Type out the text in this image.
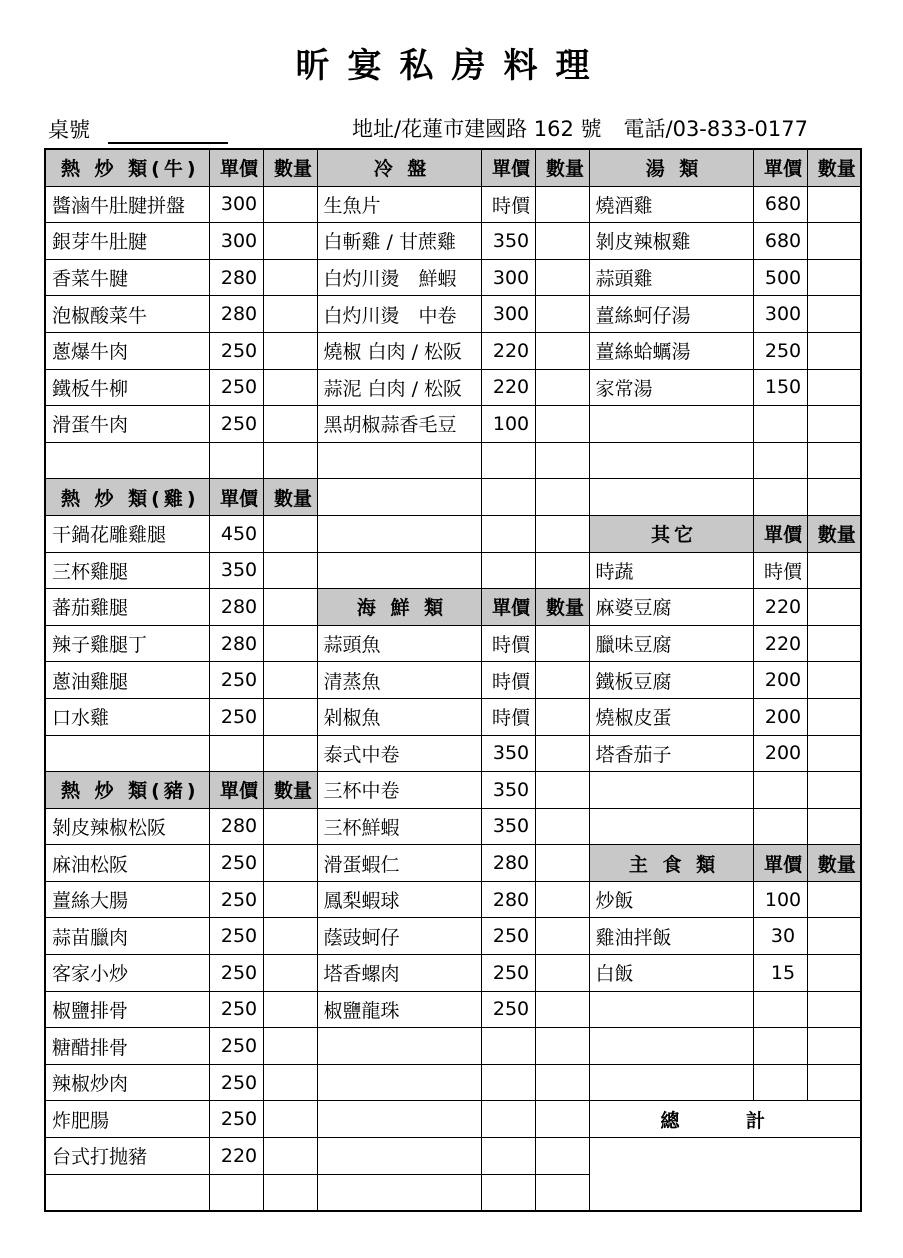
昕宴私房料理
桌號	地址/花蓮市建國路 162 號 電話/03-833-0177
熱 炒 類(牛)	單價	數量	冷 盤	單價	數量	湯 類	單價	數量
醬滷牛肚腱拼盤	300		生魚片	時價		燒酒雞	680	
銀芽牛肚腱	300		白斬雞 / 甘蔗雞	350		剝皮辣椒雞	680	
香菜牛腱	280		白灼川燙　鮮蝦	300		蒜頭雞	500	
泡椒酸菜牛	280		白灼川燙　中卷	300		薑絲蚵仔湯	300	
蔥爆牛肉	250		燒椒 白肉 / 松阪	220		薑絲蛤蠣湯	250	
鐵板牛柳	250		蒜泥 白肉 / 松阪	220		家常湯	150	
滑蛋牛肉	250		黑胡椒蒜香毛豆	100				

熱 炒 類(雞)	單價	數量						
干鍋花雕雞腿	450					其它	單價	數量
三杯雞腿	350					時蔬	時價	
蕃茄雞腿	280		海 鮮 類	單價	數量	麻婆豆腐	220	
辣子雞腿丁	280		蒜頭魚	時價		臘味豆腐	220	
蔥油雞腿	250		清蒸魚	時價		鐵板豆腐	200	
口水雞	250		剁椒魚	時價		燒椒皮蛋	200	
			泰式中卷	350		塔香茄子	200	
熱 炒 類(豬)	單價	數量	三杯中卷	350				
剝皮辣椒松阪	280		三杯鮮蝦	350				
麻油松阪	250		滑蛋蝦仁	280		主 食 類	單價	數量
薑絲大腸	250		鳳梨蝦球	280		炒飯	100	
蒜苗臘肉	250		蔭豉蚵仔	250		雞油拌飯	30	
客家小炒	250		塔香螺肉	250		白飯	15	
椒鹽排骨	250		椒鹽龍珠	250				
糖醋排骨	250							
辣椒炒肉	250							
炸肥腸	250					總 計		
台式打抛豬	220							
